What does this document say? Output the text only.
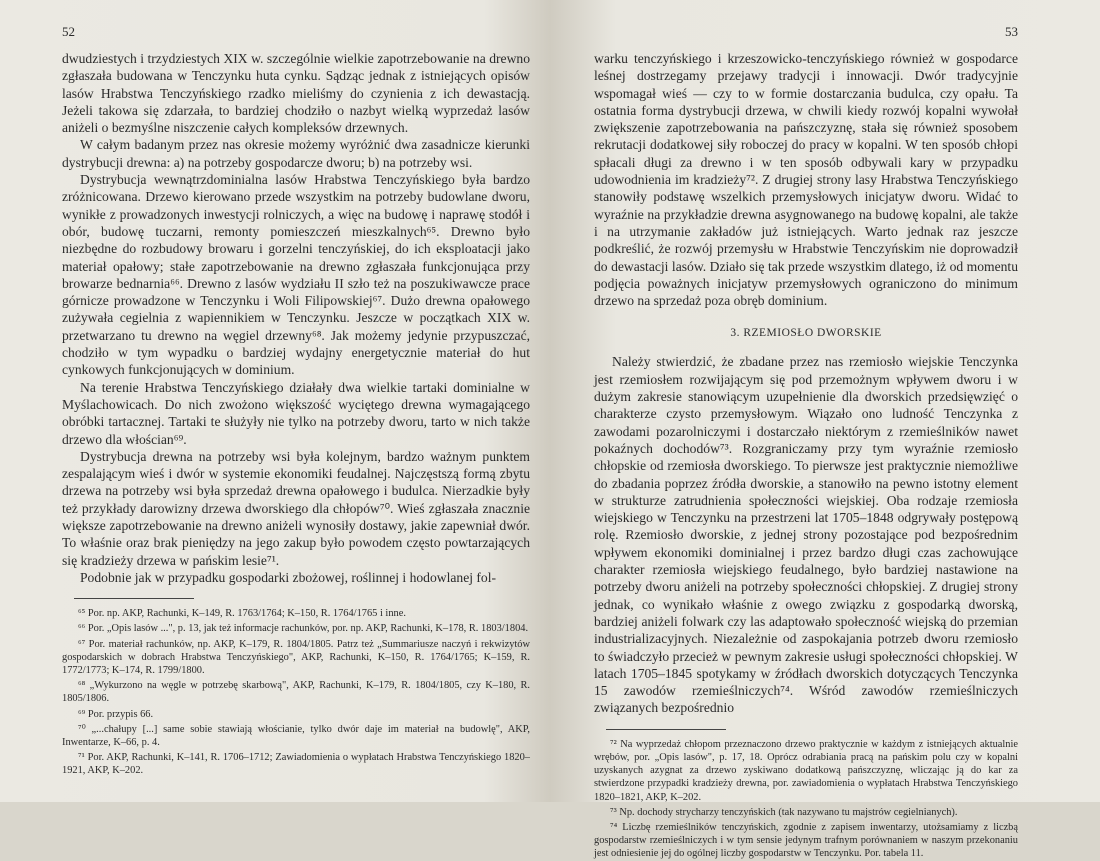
52

dwudziestych i trzydziestych XIX w. szczególnie wielkie zapotrzebowanie na drewno zgłaszała budowana w Tenczynku huta cynku. Sądząc jednak z istniejących opisów lasów Hrabstwa Tenczyńskiego rzadko mieliśmy do czynienia z ich dewastacją. Jeżeli takowa się zdarzała, to bardziej chodziło o nazbyt wielką wyprzedaż lasów aniżeli o bezmyślne niszczenie całych kompleksów drzewnych.

W całym badanym przez nas okresie możemy wyróżnić dwa zasadnicze kierunki dystrybucji drewna: a) na potrzeby gospodarcze dworu; b) na potrzeby wsi.

Dystrybucja wewnątrzdominialna lasów Hrabstwa Tenczyńskiego była bardzo zróżnicowana. Drzewo kierowano przede wszystkim na potrzeby budowlane dworu, wynikłe z prowadzonych inwestycji rolniczych, a więc na budowę i naprawę stodół i obór, budowę tuczarni, remonty pomieszczeń mieszkalnych⁶⁵. Drewno było niezbędne do rozbudowy browaru i gorzelni tenczyńskiej, do ich eksploatacji jako materiał opałowy; stałe zapotrzebowanie na drewno zgłaszała funkcjonująca przy browarze bednarnia⁶⁶. Drewno z lasów wydziału II szło też na poszukiwawcze prace górnicze prowadzone w Tenczynku i Woli Filipowskiej⁶⁷. Dużo drewna opałowego zużywała cegielnia z wapiennikiem w Tenczynku. Jeszcze w początkach XIX w. przetwarzano tu drewno na węgiel drzewny⁶⁸. Jak możemy jedynie przypuszczać, chodziło w tym wypadku o bardziej wydajny energetycznie materiał do hut cynkowych funkcjonujących w dominium.

Na terenie Hrabstwa Tenczyńskiego działały dwa wielkie tartaki dominialne w Myślachowicach. Do nich zwożono większość wyciętego drewna wymagającego obróbki tartacznej. Tartaki te służyły nie tylko na potrzeby dworu, tarto w nich także drzewo dla włościan⁶⁹.

Dystrybucja drewna na potrzeby wsi była kolejnym, bardzo ważnym punktem zespalającym wieś i dwór w systemie ekonomiki feudalnej. Najczęstszą formą zbytu drzewa na potrzeby wsi była sprzedaż drewna opałowego i budulca. Nierzadkie były też przykłady darowizny drzewa dworskiego dla chłopów⁷⁰. Wieś zgłaszała znacznie większe zapotrzebowanie na drewno aniżeli wynosiły dostawy, jakie zapewniał dwór. To właśnie oraz brak pieniędzy na jego zakup było powodem często powtarzających się kradzieży drzewa w pańskim lesie⁷¹.

Podobnie jak w przypadku gospodarki zbożowej, roślinnej i hodowlanej fol-

⁶⁵ Por. np. AKP, Rachunki, K–149, R. 1763/1764; K–150, R. 1764/1765 i inne.

⁶⁶ Por. „Opis lasów ...", p. 13, jak też informacje rachunków, por. np. AKP, Rachunki, K–178, R. 1803/1804.

⁶⁷ Por. materiał rachunków, np. AKP, K–179, R. 1804/1805. Patrz też „Summariusze naczyń i rekwizytów gospodarskich w dobrach Hrabstwa Tenczyńskiego", AKP, Rachunki, K–150, R. 1764/1765; K–159, R. 1772/1773; K–174, R. 1799/1800.

⁶⁸ „Wykurzono na węgle w potrzebę skarbową", AKP, Rachunki, K–179, R. 1804/1805, czy K–180, R. 1805/1806.

⁶⁹ Por. przypis 66.

⁷⁰ „...chałupy [...] same sobie stawiają włościanie, tylko dwór daje im materiał na budowlę", AKP, Inwentarze, K–66, p. 4.

⁷¹ Por. AKP, Rachunki, K–141, R. 1706–1712; Zawiadomienia o wypłatach Hrabstwa Tenczyńskiego 1820–1921, AKP, K–202.

53

warku tenczyńskiego i krzeszowicko-tenczyńskiego również w gospodarce leśnej dostrzegamy przejawy tradycji i innowacji. Dwór tradycyjnie wspomagał wieś — czy to w formie dostarczania budulca, czy opału. Ta ostatnia forma dystrybucji drzewa, w chwili kiedy rozwój kopalni wywołał zwiększenie zapotrzebowania na pańszczyznę, stała się również sposobem rekrutacji dodatkowej siły roboczej do pracy w kopalni. W ten sposób chłopi spłacali długi za drewno i w ten sposób odbywali kary w przypadku udowodnienia im kradzieży⁷². Z drugiej strony lasy Hrabstwa Tenczyńskiego stanowiły podstawę wszelkich przemysłowych inicjatyw dworu. Widać to wyraźnie na przykładzie drewna asygnowanego na budowę kopalni, ale także i na utrzymanie zakładów już istniejących. Warto jednak raz jeszcze podkreślić, że rozwój przemysłu w Hrabstwie Tenczyńskim nie doprowadził do dewastacji lasów. Działo się tak przede wszystkim dlatego, iż od momentu podjęcia poważnych inicjatyw przemysłowych ograniczono do minimum drzewo na sprzedaż poza obręb dominium.

3. RZEMIOSŁO DWORSKIE

Należy stwierdzić, że zbadane przez nas rzemiosło wiejskie Tenczynka jest rzemiosłem rozwijającym się pod przemożnym wpływem dworu i w dużym zakresie stanowiącym uzupełnienie dla dworskich przedsięwzięć o charakterze czysto przemysłowym. Wiązało ono ludność Tenczynka z zawodami pozarolniczymi i dostarczało niektórym z rzemieślników nawet pokaźnych dochodów⁷³. Rozgraniczamy przy tym wyraźnie rzemiosło chłopskie od rzemiosła dworskiego. To pierwsze jest praktycznie niemożliwe do zbadania poprzez źródła dworskie, a stanowiło na pewno istotny element w strukturze zatrudnienia społeczności wiejskiej. Oba rodzaje rzemiosła wiejskiego w Tenczynku na przestrzeni lat 1705–1848 odgrywały postępową rolę. Rzemiosło dworskie, z jednej strony pozostające pod bezpośrednim wpływem ekonomiki dominialnej i przez bardzo długi czas zachowujące charakter rzemiosła wiejskiego feudalnego, było bardziej nastawione na potrzeby dworu aniżeli na potrzeby społeczności chłopskiej. Z drugiej strony jednak, co wynikało właśnie z owego związku z gospodarką dworską, bardziej aniżeli folwark czy las adaptowało społeczność wiejską do przemian industrializacyjnych. Niezależnie od zaspokajania potrzeb dworu rzemiosło to świadczyło przecież w pewnym zakresie usługi społeczności chłopskiej. W latach 1705–1845 spotykamy w źródłach dworskich dotyczących Tenczynka 15 zawodów rzemieślniczych⁷⁴. Wśród zawodów rzemieślniczych związanych bezpośrednio

⁷² Na wyprzedaż chłopom przeznaczono drzewo praktycznie w każdym z istniejących aktualnie wrębów, por. „Opis lasów", p. 17, 18. Oprócz odrabiania pracą na pańskim polu czy w kopalni uzyskanych azygnat za drzewo zyskiwano dodatkową pańszczyznę, wliczając ją do kar za stwierdzone przypadki kradzieży drewna, por. zawiadomienia o wypłatach Hrabstwa Tenczyńskiego 1820–1821, AKP, K–202.

⁷³ Np. dochody strycharzy tenczyńskich (tak nazywano tu majstrów cegielnianych).

⁷⁴ Liczbę rzemieślników tenczyńskich, zgodnie z zapisem inwentarzy, utożsamiamy z liczbą gospodarstw rzemieślniczych i w tym sensie jedynym trafnym porównaniem w naszym przekonaniu jest odniesienie jej do ogólnej liczby gospodarstw w Tenczynku. Por. tabela 11.
